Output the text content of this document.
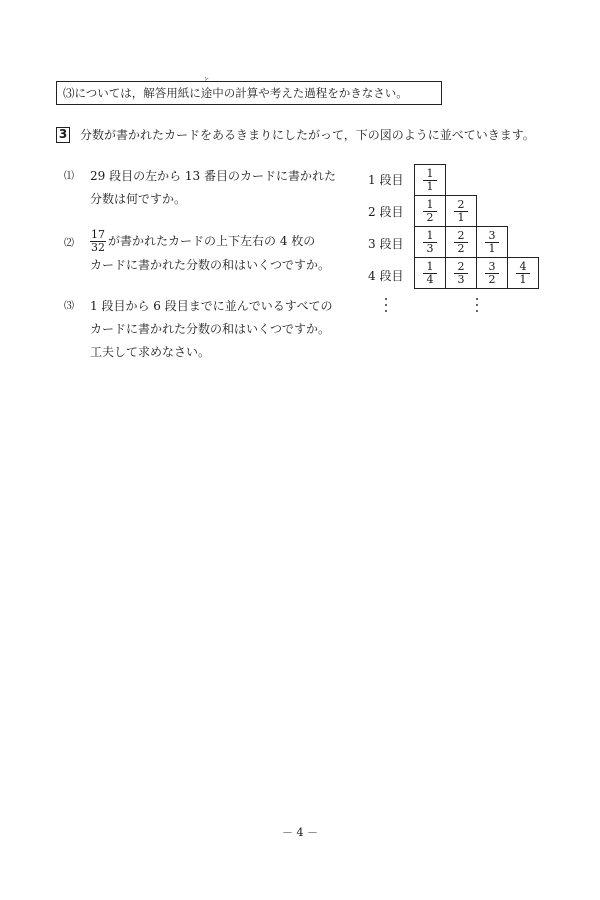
⑶については，解答用紙に
と
途中の計算や考えた過程をかきなさい。
3 分数が書かれたカードをあるきまりにしたがって，下の図のように並べていきます。
⑴	29 段目の左から 13 番目のカードに書かれた
分数は何ですか。
⑵ $\frac{17}{32}$ が書かれたカードの上下左右の 4 枚の
カードに書かれた分数の和はいくつですか。
⑶	1 段目から 6 段目までに並んでいるすべての
カードに書かれた分数の和はいくつですか。
工夫して求めなさい。
1 段目
2 段目
3 段目
4 段目
$\frac{1}{1}$
$\frac{1}{2} \frac{2}{1}$
$\frac{1}{3} \frac{2}{2} \frac{3}{1}$
$\frac{1}{4} \frac{2}{3} \frac{3}{2} \frac{4}{1}$
－ 4 －
